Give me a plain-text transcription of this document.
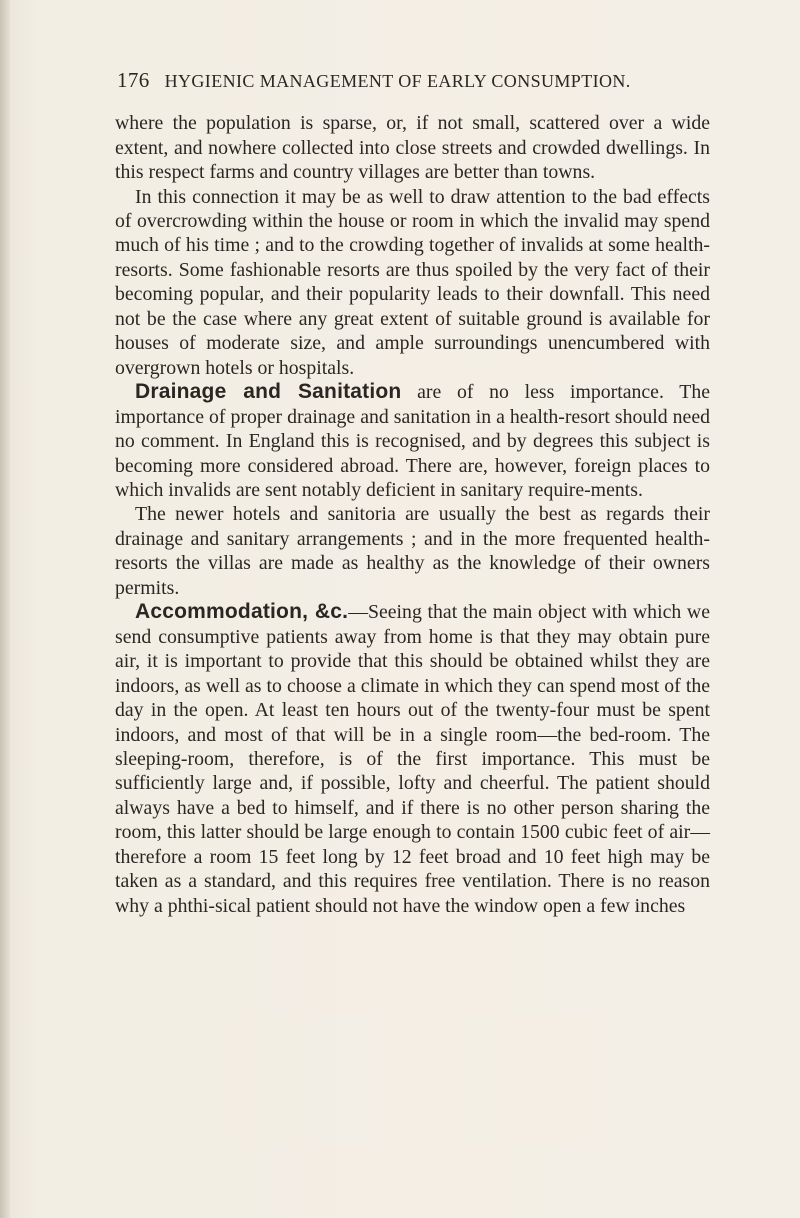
176 HYGIENIC MANAGEMENT OF EARLY CONSUMPTION.

where the population is sparse, or, if not small, scattered over a wide extent, and nowhere collected into close streets and crowded dwellings. In this respect farms and country villages are better than towns.

In this connection it may be as well to draw attention to the bad effects of overcrowding within the house or room in which the invalid may spend much of his time ; and to the crowding together of invalids at some health-resorts. Some fashionable resorts are thus spoiled by the very fact of their becoming popular, and their popularity leads to their downfall. This need not be the case where any great extent of suitable ground is available for houses of moderate size, and ample surroundings unencumbered with overgrown hotels or hospitals.

Drainage and Sanitation are of no less importance. The importance of proper drainage and sanitation in a health-resort should need no comment. In England this is recognised, and by degrees this subject is becoming more considered abroad. There are, however, foreign places to which invalids are sent notably deficient in sanitary require-ments.

The newer hotels and sanitoria are usually the best as regards their drainage and sanitary arrangements ; and in the more frequented health-resorts the villas are made as healthy as the knowledge of their owners permits.

Accommodation, &c.—Seeing that the main object with which we send consumptive patients away from home is that they may obtain pure air, it is important to provide that this should be obtained whilst they are indoors, as well as to choose a climate in which they can spend most of the day in the open. At least ten hours out of the twenty-four must be spent indoors, and most of that will be in a single room—the bed-room. The sleeping-room, therefore, is of the first importance. This must be sufficiently large and, if possible, lofty and cheerful. The patient should always have a bed to himself, and if there is no other person sharing the room, this latter should be large enough to contain 1500 cubic feet of air—therefore a room 15 feet long by 12 feet broad and 10 feet high may be taken as a standard, and this requires free ventilation. There is no reason why a phthi-sical patient should not have the window open a few inches
